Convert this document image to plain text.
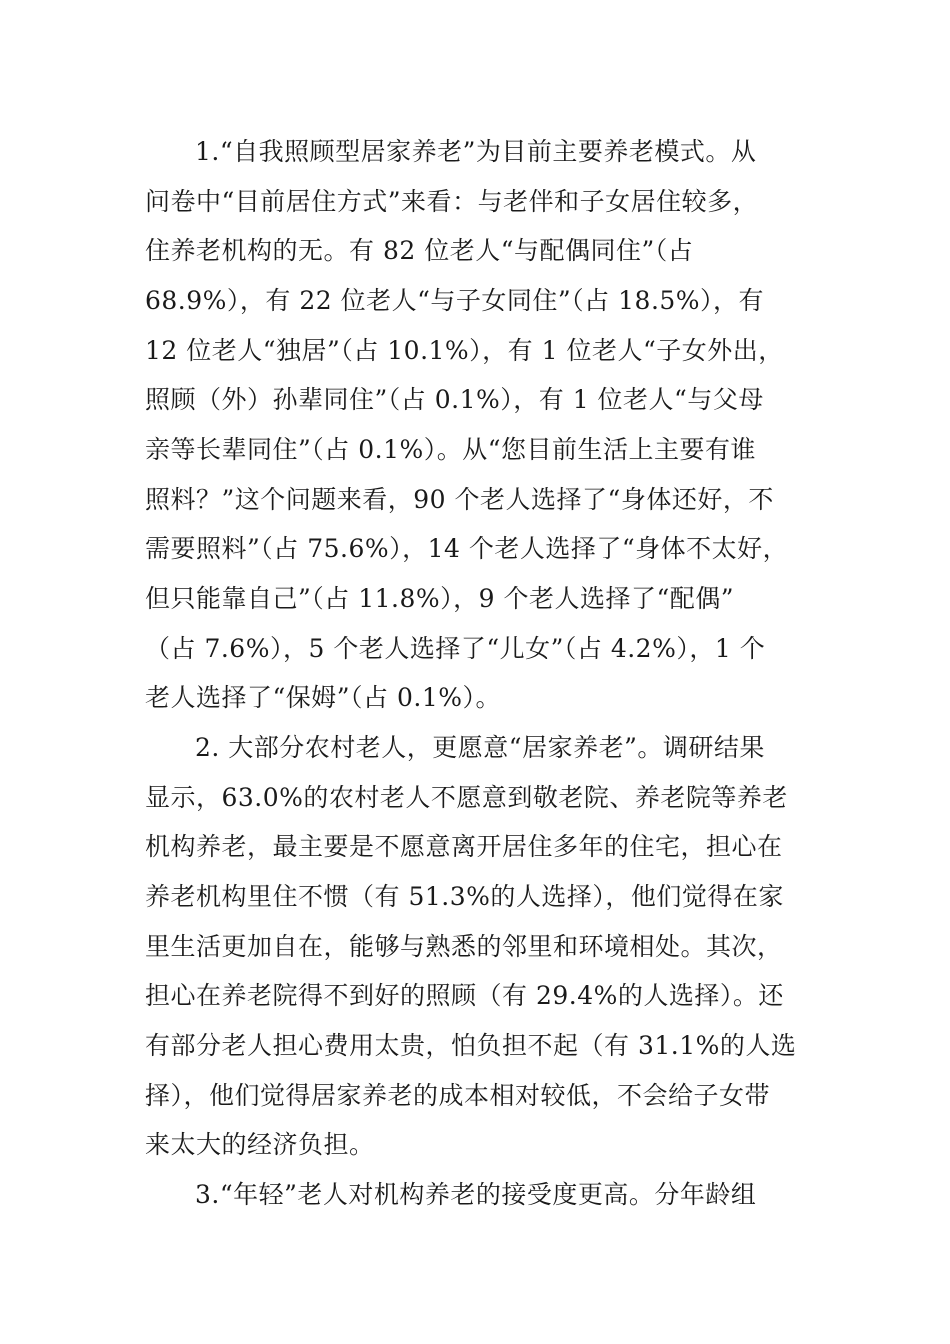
1.“自我照顾型居家养老”为目前主要养老模式。从
问卷中“目前居住方式”来看：与老伴和子女居住较多，
住养老机构的无。有 82 位老人“与配偶同住”（占
68.9%），有 22 位老人“与子女同住”（占 18.5%），有
12 位老人“独居”（占 10.1%），有 1 位老人“子女外出，
照顾（外）孙辈同住”（占 0.1%），有 1 位老人“与父母
亲等长辈同住”（占 0.1%）。从“您目前生活上主要有谁
照料？”这个问题来看，90 个老人选择了“身体还好，不
需要照料”（占 75.6%），14 个老人选择了“身体不太好，
但只能靠自己”（占 11.8%），9 个老人选择了“配偶”
（占 7.6%），5 个老人选择了“儿女”（占 4.2%），1 个
老人选择了“保姆”（占 0.1%）。
2. 大部分农村老人，更愿意“居家养老”。调研结果
显示，63.0%的农村老人不愿意到敬老院、养老院等养老
机构养老，最主要是不愿意离开居住多年的住宅，担心在
养老机构里住不惯（有 51.3%的人选择），他们觉得在家
里生活更加自在，能够与熟悉的邻里和环境相处。其次，
担心在养老院得不到好的照顾（有 29.4%的人选择）。还
有部分老人担心费用太贵，怕负担不起（有 31.1%的人选
择），他们觉得居家养老的成本相对较低，不会给子女带
来太大的经济负担。
3.“年轻”老人对机构养老的接受度更高。分年龄组
